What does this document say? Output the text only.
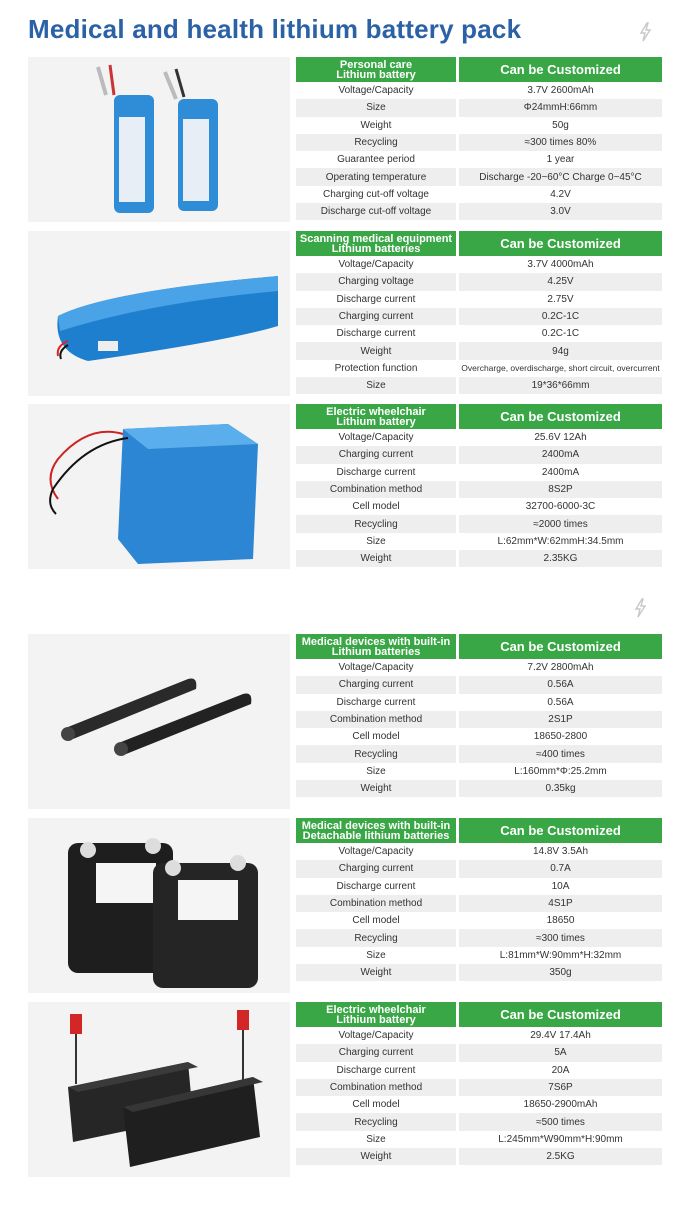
Medical and health lithium battery pack
Personal care
Lithium battery	Can be Customized
Voltage/Capacity	3.7V 2600mAh
Size	Φ24mmH:66mm
Weight	50g
Recycling	≈300 times 80%
Guarantee period	1 year
Operating temperature	Discharge -20~60°C Charge 0~45°C
Charging cut-off voltage	4.2V
Discharge cut-off voltage	3.0V
Scanning medical equipment
Lithium batteries	Can be Customized
Voltage/Capacity	3.7V 4000mAh
Charging voltage	4.25V
Discharge current	2.75V
Charging current	0.2C-1C
Discharge current	0.2C-1C
Weight	94g
Protection function	Overcharge, overdischarge, short circuit, overcurrent
Size	19*36*66mm
Electric wheelchair
Lithium battery	Can be Customized
Voltage/Capacity	25.6V 12Ah
Charging current	2400mA
Discharge current	2400mA
Combination method	8S2P
Cell model	32700-6000-3C
Recycling	≈2000 times
Size	L:62mm*W:62mmH:34.5mm
Weight	2.35KG
Medical devices with built-in
Lithium batteries	Can be Customized
Voltage/Capacity	7.2V 2800mAh
Charging current	0.56A
Discharge current	0.56A
Combination method	2S1P
Cell model	18650-2800
Recycling	≈400 times
Size	L:160mm*Φ:25.2mm
Weight	0.35kg
Medical devices with built-in
Detachable lithium batteries	Can be Customized
Voltage/Capacity	14.8V 3.5Ah
Charging current	0.7A
Discharge current	10A
Combination method	4S1P
Cell model	18650
Recycling	≈300 times
Size	L:81mm*W:90mm*H:32mm
Weight	350g
Electric wheelchair
Lithium battery	Can be Customized
Voltage/Capacity	29.4V 17.4Ah
Charging current	5A
Discharge current	20A
Combination method	7S6P
Cell model	18650-2900mAh
Recycling	≈500 times
Size	L:245mm*W90mm*H:90mm
Weight	2.5KG
